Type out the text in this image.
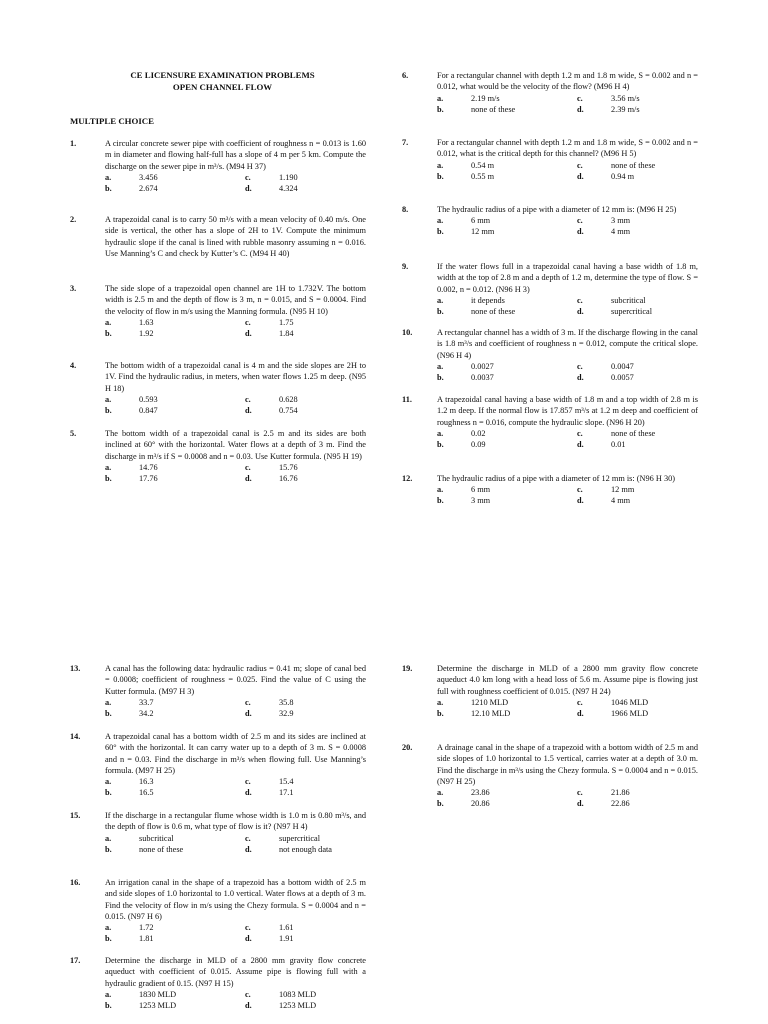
CE LICENSURE EXAMINATION PROBLEMS
OPEN CHANNEL FLOW
MULTIPLE CHOICE
1.	A circular concrete sewer pipe with coefficient of roughness n = 0.013 is 1.60 m in diameter and flowing half-full has a slope of 4 m per 5 km. Compute the discharge on the sewer pipe in m³/s. (M94 H 37)
a.	3.456
b.	2.674
c.	1.190
d.	4.324
2.	A trapezoidal canal is to carry 50 m³/s with a mean velocity of 0.40 m/s. One side is vertical, the other has a slope of 2H to 1V. Compute the minimum hydraulic slope if the canal is lined with rubble masonry assuming n = 0.016. Use Manning’s C and check by Kutter’s C. (M94 H 40)
3.	The side slope of a trapezoidal open channel are 1H to 1.732V. The bottom width is 2.5 m and the depth of flow is 3 m, n = 0.015, and S = 0.0004. Find the velocity of flow in m/s using the Manning formula. (N95 H 10)
a.	1.63
b.	1.92
c.	1.75
d.	1.84
4.	The bottom width of a trapezoidal canal is 4 m and the side slopes are 2H to 1V. Find the hydraulic radius, in meters, when water flows 1.25 m deep. (N95 H 18)
a.	0.593
b.	0.847
c.	0.628
d.	0.754
5.	The bottom width of a trapezoidal canal is 2.5 m and its sides are both inclined at 60° with the horizontal. Water flows at a depth of 3 m. Find the discharge in m³/s if S = 0.0008 and n = 0.03. Use Kutter formula. (N95 H 19)
a.	14.76
b.	17.76
c.	15.76
d.	16.76
6.	For a rectangular channel with depth 1.2 m and 1.8 m wide, S = 0.002 and n = 0.012, what would be the velocity of the flow? (M96 H 4)
a.	2.19 m/s
b.	none of these
c.	3.56 m/s
d.	2.39 m/s
7.	For a rectangular channel with depth 1.2 m and 1.8 m wide, S = 0.002 and n = 0.012, what is the critical depth for this channel? (M96 H 5)
a.	0.54 m
b.	0.55 m
c.	none of these
d.	0.94 m
8.	The hydraulic radius of a pipe with a diameter of 12 mm is: (M96 H 25)
a.	6 mm
b.	12 mm
c.	3 mm
d.	4 mm
9.	If the water flows full in a trapezoidal canal having a base width of 1.8 m, width at the top of 2.8 m and a depth of 1.2 m, determine the type of flow. S = 0.002, n = 0.012. (N96 H 3)
a.	it depends
b.	none of these
c.	subcritical
d.	supercritical
10.	A rectangular channel has a width of 3 m. If the discharge flowing in the canal is 1.8 m³/s and coefficient of roughness n = 0.012, compute the critical slope. (N96 H 4)
a.	0.0027
b.	0.0037
c.	0.0047
d.	0.0057
11.	A trapezoidal canal having a base width of 1.8 m and a top width of 2.8 m is 1.2 m deep. If the normal flow is 17.857 m³/s at 1.2 m deep and coefficient of roughness n = 0.016, compute the hydraulic slope. (N96 H 20)
a.	0.02
b.	0.09
c.	none of these
d.	0.01
12.	The hydraulic radius of a pipe with a diameter of 12 mm is: (N96 H 30)
a.	6 mm
b.	3 mm
c.	12 mm
d.	4 mm
13.	A canal has the following data: hydraulic radius = 0.41 m; slope of canal bed = 0.0008; coefficient of roughness = 0.025. Find the value of C using the Kutter formula. (M97 H 3)
a.	33.7
b.	34.2
c.	35.8
d.	32.9
14.	A trapezoidal canal has a bottom width of 2.5 m and its sides are inclined at 60° with the horizontal. It can carry water up to a depth of 3 m. S = 0.0008 and n = 0.03. Find the discharge in m³/s when flowing full. Use Manning’s formula. (M97 H 25)
a.	16.3
b.	16.5
c.	15.4
d.	17.1
15.	If the discharge in a rectangular flume whose width is 1.0 m is 0.80 m³/s, and the depth of flow is 0.6 m, what type of flow is it? (N97 H 4)
a.	subcritical
b.	none of these
c.	supercritical
d.	not enough data
16.	An irrigation canal in the shape of a trapezoid has a bottom width of 2.5 m and side slopes of 1.0 horizontal to 1.0 vertical. Water flows at a depth of 3 m. Find the velocity of flow in m/s using the Chezy formula. S = 0.0004 and n = 0.015. (N97 H 6)
a.	1.72
b.	1.81
c.	1.61
d.	1.91
17.	Determine the discharge in MLD of a 2800 mm gravity flow concrete aqueduct with coefficient of 0.015. Assume pipe is flowing full with a hydraulic gradient of 0.15. (N97 H 15)
a.	1830 MLD
b.	1253 MLD
c.	1083 MLD
d.	1253 MLD
19.	Determine the discharge in MLD of a 2800 mm gravity flow concrete aqueduct 4.0 km long with a head loss of 5.6 m. Assume pipe is flowing just full with roughness coefficient of 0.015. (N97 H 24)
a.	1210 MLD
b.	12.10 MLD
c.	1046 MLD
d.	1966 MLD
20.	A drainage canal in the shape of a trapezoid with a bottom width of 2.5 m and side slopes of 1.0 horizontal to 1.5 vertical, carries water at a depth of 3.0 m. Find the discharge in m³/s using the Chezy formula. S = 0.0004 and n = 0.015. (N97 H 25)
a.	23.86
b.	20.86
c.	21.86
d.	22.86
